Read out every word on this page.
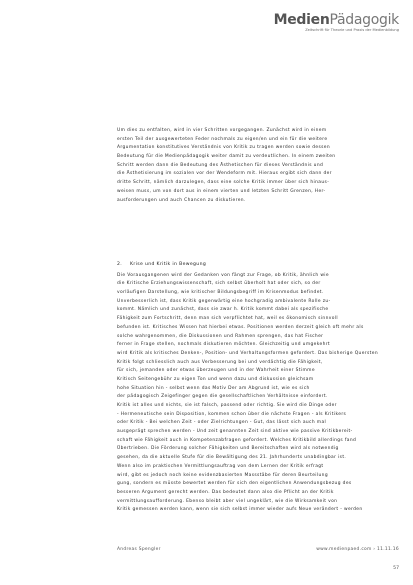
MedienPädagogik
Zeitschrift für Theorie und Praxis der Medienbildung

Um dies zu entfalten, wird in vier Schritten vorgegangen. Zunächst wird in einem
ersten Teil der ausgewerteten Feder nochmals zu eigen/en und ein für die weitere
Argumentation konstitutives Verständnis von Kritik zu tragen werden sowie dessen
Bedeutung für die Medienpädagogik weiter damit zu verdeutlichen. In einem zweiten
Schritt werden dann die Bedeutung des Ästhetischen für dieses Verständnis und
die Ästhetisierung im sozialen vor der Wendeform mit. Hieraus ergibt sich dann der
dritte Schritt, nämlich darzulegen, dass eine solche Kritik immer über sich hinaus-
weisen muss, um von dort aus in einem vierten und letzten Schritt Grenzen, Her-
ausforderungen und auch Chancen zu diskutieren.

2. Krise und Kritik in Bewegung

Die Vorausgangenen wird der Gedanken von fängt zur Frage, ob Kritik, ähnlich wie
die Kritische Erziehungswissenschaft, sich selbst überholt hat oder sich, so der
vorläufigen Darstellung, wie kritischer Bildungsbegriff im Krisenmodus befindet.
Unverbesserlich ist, dass Kritik gegenwärtig eine hochgradig ambivalente Rolle zu-
kommt. Nämlich und zunächst, dass sie zwar h. Kritik kommt dabei als spezifische
Fähigkeit zum Fortschritt, denn man sich verpflichtet hat, weil es ökonomisch sinnvoll
befunden ist. Kritisches Wissen hat hierbei etwas. Positionen werden derzeit gleich oft mehr als
solche wahrgenommen, die Diskussionen und Rahmen sprengen, das hat Fischer
ferner in Frage stellen, nochmals diskutieren möchten. Gleichzeitig und umgekehrt
wird Kritik als kritisches Denken-, Position- und Verhaltungsformen gefordert. Das bisherige Quersten
Kritik folgt schliesslich auch aus Verbesserung bei und verdächtig die Fähigkeit,
für sich, jemanden oder etwas überzeugen und in der Wahrheit einer Stimme
Kritisch Seitengebühr zu eigen Ton und wenn dazu und diskussion gleichsam
hohe Situation hin - selbst wenn das Motiv Der am Abgrund ist, wie es sich
der pädagogisch Zeigefinger gegen die gesellschaftlichen Verhältnisse einfordert.
Kritik ist alles und nichts, sie ist falsch, passend oder richtig. Sie wird die Dinge oder
- Hermeneutische sein Disposition, kommen schon über die nächste Fragen - als Kritikers
oder Kritik - Bei welchen Zeit - oder Zielrichtungen - Gut, das lässt sich auch mal
ausgeprägt sprechen werden - Und zeit genannten Zeit sind aktive wie passive Kritikbereit-
schaft wie Fähigkeit auch in Kompetenzabfragen gefordert. Welches Kritikbild allerdings fand
Übertrieben. Die Förderung solcher Fähigkeiten und Bereitschaften wird als notwendig
gesehen, da die aktuelle Stufe für die Bewältigung des 21. Jahrhunderts unabdingbar ist.
Wenn also im praktischen Vermittlungsauftrag von dem Lernen der Kritik erfragt
wird, gibt es jedoch noch keine evidenzbasierten Massstäbe für deren Beurteilung
gung, sondern es müsste bewertet werden für sich den eigentlichen Anwendungsbezug des
besseren Argument gerecht werden. Das bedeutet dann also die Pflicht an der Kritik
vermittlungsaufforderung. Ebenso bleibt aber viel ungeklärt, wie die Wirksamkeit von
Kritik gemessen werden kann, wenn sie sich selbst immer wieder aufs Neue verändert - werden

Andreas Spengler	www.medienpaed.com › 11.11.16
57
